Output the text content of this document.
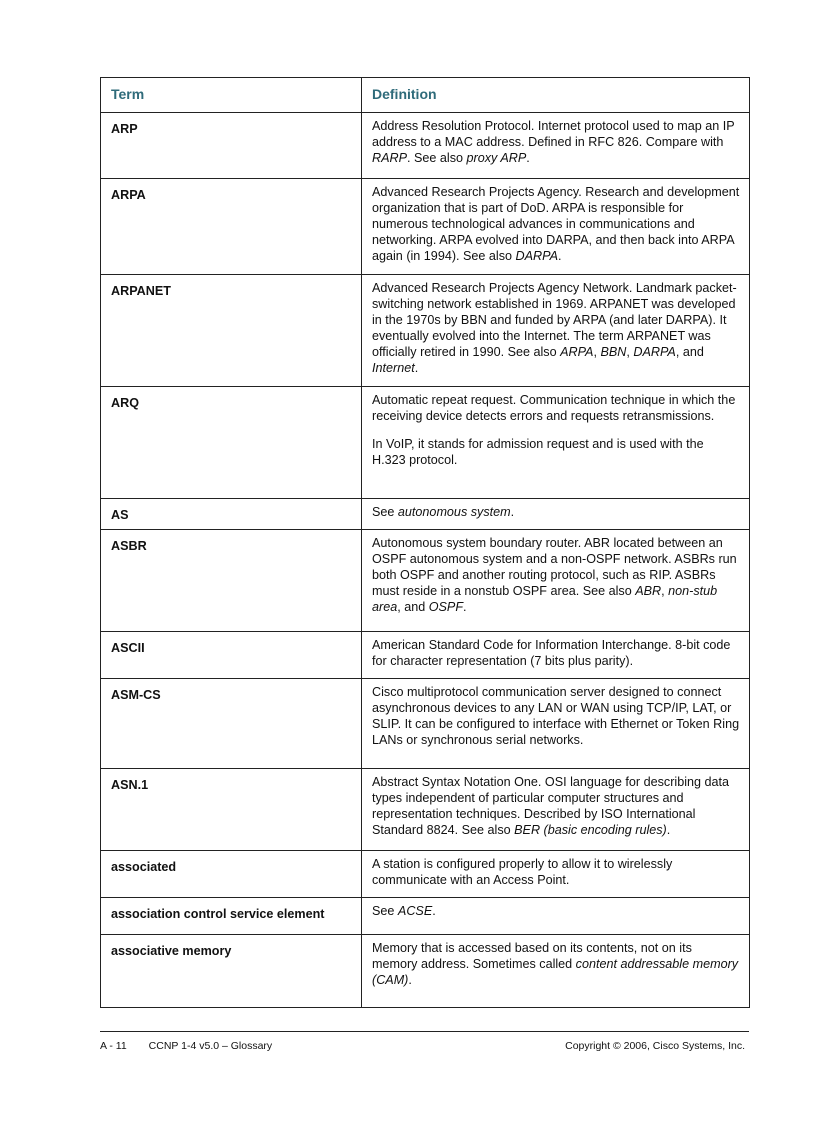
Term	Definition
ARP	Address Resolution Protocol. Internet protocol used to map an IP address to a MAC address. Defined in RFC 826. Compare with RARP. See also proxy ARP.

ARPA	Advanced Research Projects Agency. Research and development organization that is part of DoD. ARPA is responsible for numerous technological advances in communications and networking. ARPA evolved into DARPA, and then back into ARPA again (in 1994). See also DARPA.

ARPANET	Advanced Research Projects Agency Network. Landmark packet-switching network established in 1969. ARPANET was developed in the 1970s by BBN and funded by ARPA (and later DARPA). It eventually evolved into the Internet. The term ARPANET was officially retired in 1990. See also ARPA, BBN, DARPA, and Internet.

ARQ	Automatic repeat request. Communication technique in which the receiving device detects errors and requests retransmissions.

In VoIP, it stands for admission request and is used with the H.323 protocol.

AS	See autonomous system.

ASBR	Autonomous system boundary router. ABR located between an OSPF autonomous system and a non-OSPF network. ASBRs run both OSPF and another routing protocol, such as RIP. ASBRs must reside in a nonstub OSPF area. See also ABR, non-stub area, and OSPF.

ASCII	American Standard Code for Information Interchange. 8-bit code for character representation (7 bits plus parity).

ASM-CS	Cisco multiprotocol communication server designed to connect asynchronous devices to any LAN or WAN using TCP/IP, LAT, or SLIP. It can be configured to interface with Ethernet or Token Ring LANs or synchronous serial networks.

ASN.1	Abstract Syntax Notation One. OSI language for describing data types independent of particular computer structures and representation techniques. Described by ISO International Standard 8824. See also BER (basic encoding rules).

associated	A station is configured properly to allow it to wirelessly communicate with an Access Point.

association control service element	See ACSE.

associative memory	Memory that is accessed based on its contents, not on its memory address. Sometimes called content addressable memory (CAM).

A - 11 CCNP 1-4 v5.0 – Glossary	Copyright © 2006, Cisco Systems, Inc.
